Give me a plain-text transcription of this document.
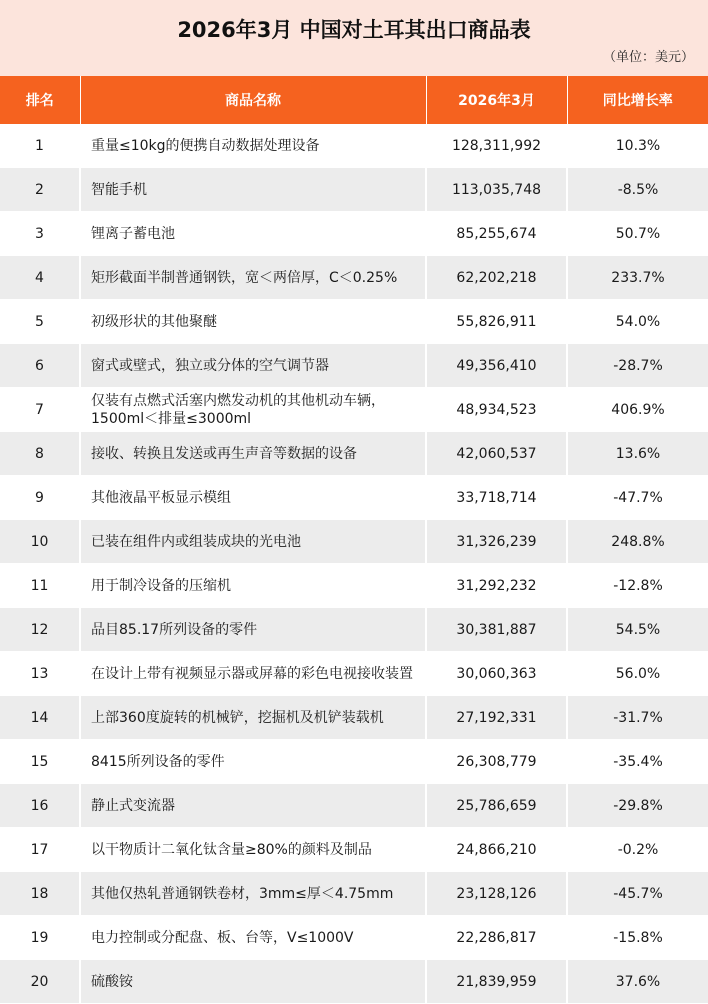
2026年3月 中国对土耳其出口商品表
（单位：美元）
排名	商品名称	2026年3月	同比增长率
1	重量≤10kg的便携自动数据处理设备	128,311,992	10.3%
2	智能手机	113,035,748	-8.5%
3	锂离子蓄电池	85,255,674	50.7%
4	矩形截面半制普通钢铁，宽＜两倍厚，C＜0.25%	62,202,218	233.7%
5	初级形状的其他聚醚	55,826,911	54.0%
6	窗式或壁式，独立或分体的空气调节器	49,356,410	-28.7%
7	仅装有点燃式活塞内燃发动机的其他机动车辆，1500ml＜排量≤3000ml	48,934,523	406.9%
8	接收、转换且发送或再生声音等数据的设备	42,060,537	13.6%
9	其他液晶平板显示模组	33,718,714	-47.7%
10	已装在组件内或组装成块的光电池	31,326,239	248.8%
11	用于制冷设备的压缩机	31,292,232	-12.8%
12	品目85.17所列设备的零件	30,381,887	54.5%
13	在设计上带有视频显示器或屏幕的彩色电视接收装置	30,060,363	56.0%
14	上部360度旋转的机械铲，挖掘机及机铲装载机	27,192,331	-31.7%
15	8415所列设备的零件	26,308,779	-35.4%
16	静止式变流器	25,786,659	-29.8%
17	以干物质计二氧化钛含量≥80%的颜料及制品	24,866,210	-0.2%
18	其他仅热轧普通钢铁卷材，3mm≤厚＜4.75mm	23,128,126	-45.7%
19	电力控制或分配盘、板、台等，V≤1000V	22,286,817	-15.8%
20	硫酸铵	21,839,959	37.6%
